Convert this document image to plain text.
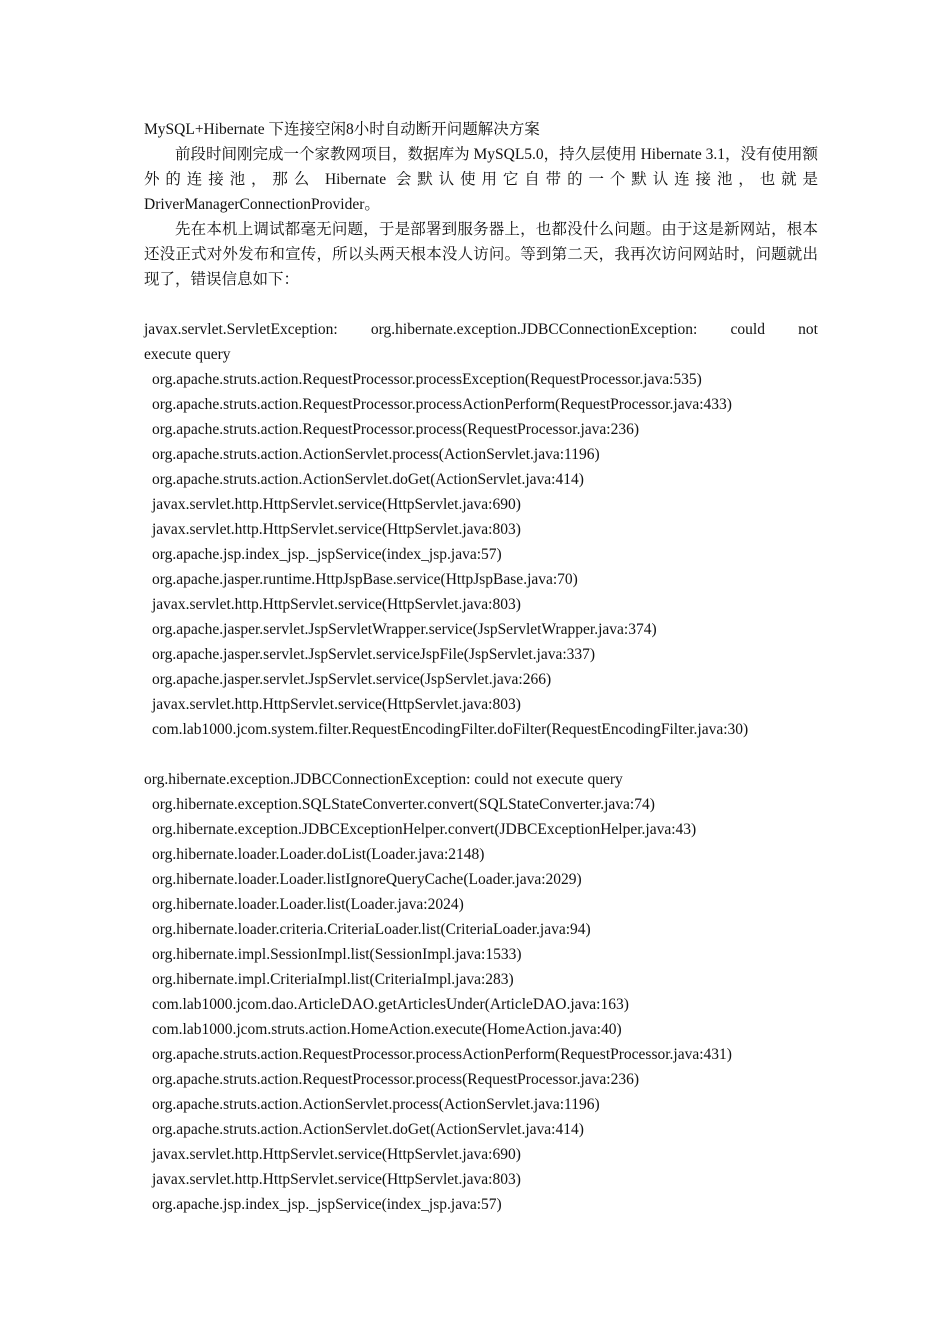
MySQL+Hibernate 下连接空闲8小时自动断开问题解决方案

前段时间刚完成一个家教网项目，数据库为 MySQL5.0，持久层使用 Hibernate 3.1，没有使用额外的连接池，那么 Hibernate 会默认使用它自带的一个默认连接池，也就是 DriverManagerConnectionProvider。

先在本机上调试都毫无问题，于是部署到服务器上，也都没什么问题。由于这是新网站，根本还没正式对外发布和宣传，所以头两天根本没人访问。等到第二天，我再次访问网站时，问题就出现了，错误信息如下：

javax.servlet.ServletException: org.hibernate.exception.JDBCConnectionException: could not
execute query
org.apache.struts.action.RequestProcessor.processException(RequestProcessor.java:535)
org.apache.struts.action.RequestProcessor.processActionPerform(RequestProcessor.java:433)
org.apache.struts.action.RequestProcessor.process(RequestProcessor.java:236)
org.apache.struts.action.ActionServlet.process(ActionServlet.java:1196)
org.apache.struts.action.ActionServlet.doGet(ActionServlet.java:414)
javax.servlet.http.HttpServlet.service(HttpServlet.java:690)
javax.servlet.http.HttpServlet.service(HttpServlet.java:803)
org.apache.jsp.index_jsp._jspService(index_jsp.java:57)
org.apache.jasper.runtime.HttpJspBase.service(HttpJspBase.java:70)
javax.servlet.http.HttpServlet.service(HttpServlet.java:803)
org.apache.jasper.servlet.JspServletWrapper.service(JspServletWrapper.java:374)
org.apache.jasper.servlet.JspServlet.serviceJspFile(JspServlet.java:337)
org.apache.jasper.servlet.JspServlet.service(JspServlet.java:266)
javax.servlet.http.HttpServlet.service(HttpServlet.java:803)
com.lab1000.jcom.system.filter.RequestEncodingFilter.doFilter(RequestEncodingFilter.java:30)
org.hibernate.exception.JDBCConnectionException: could not execute query
org.hibernate.exception.SQLStateConverter.convert(SQLStateConverter.java:74)
org.hibernate.exception.JDBCExceptionHelper.convert(JDBCExceptionHelper.java:43)
org.hibernate.loader.Loader.doList(Loader.java:2148)
org.hibernate.loader.Loader.listIgnoreQueryCache(Loader.java:2029)
org.hibernate.loader.Loader.list(Loader.java:2024)
org.hibernate.loader.criteria.CriteriaLoader.list(CriteriaLoader.java:94)
org.hibernate.impl.SessionImpl.list(SessionImpl.java:1533)
org.hibernate.impl.CriteriaImpl.list(CriteriaImpl.java:283)
com.lab1000.jcom.dao.ArticleDAO.getArticlesUnder(ArticleDAO.java:163)
com.lab1000.jcom.struts.action.HomeAction.execute(HomeAction.java:40)
org.apache.struts.action.RequestProcessor.processActionPerform(RequestProcessor.java:431)
org.apache.struts.action.RequestProcessor.process(RequestProcessor.java:236)
org.apache.struts.action.ActionServlet.process(ActionServlet.java:1196)
org.apache.struts.action.ActionServlet.doGet(ActionServlet.java:414)
javax.servlet.http.HttpServlet.service(HttpServlet.java:690)
javax.servlet.http.HttpServlet.service(HttpServlet.java:803)
org.apache.jsp.index_jsp._jspService(index_jsp.java:57)
